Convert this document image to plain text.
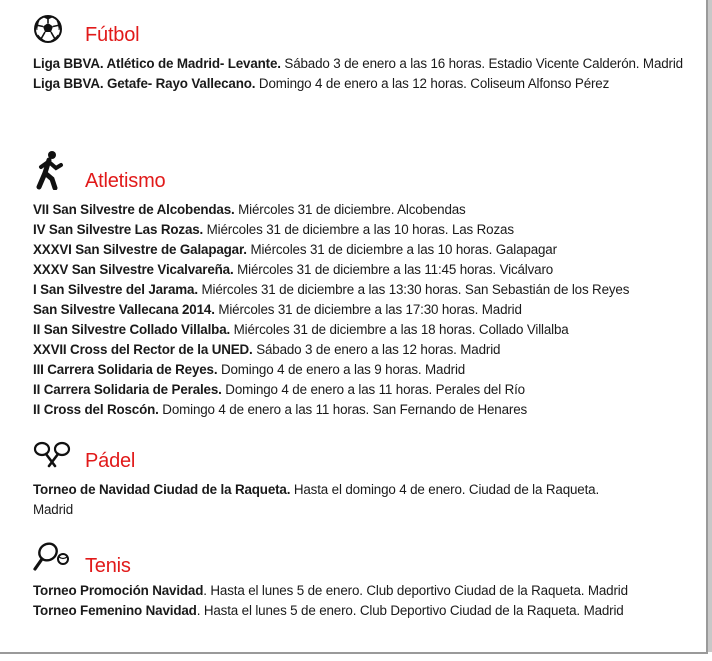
Fútbol

Liga BBVA. Atlético de Madrid- Levante. Sábado 3 de enero a las 16 horas. Estadio Vicente Calderón. Madrid

Liga BBVA. Getafe- Rayo Vallecano. Domingo 4 de enero a las 12 horas. Coliseum Alfonso Pérez

Atletismo

VII San Silvestre de Alcobendas. Miércoles 31 de diciembre. Alcobendas

IV San Silvestre Las Rozas. Miércoles 31 de diciembre a las 10 horas. Las Rozas

XXXVI San Silvestre de Galapagar. Miércoles 31 de diciembre a las 10 horas. Galapagar

XXXV San Silvestre Vicalvareña. Miércoles 31 de diciembre a las 11:45 horas. Vicálvaro

I San Silvestre del Jarama. Miércoles 31 de diciembre a las 13:30 horas. San Sebastián de los Reyes

San Silvestre Vallecana 2014. Miércoles 31 de diciembre a las 17:30 horas. Madrid

II San Silvestre Collado Villalba. Miércoles 31 de diciembre a las 18 horas. Collado Villalba

XXVII Cross del Rector de la UNED. Sábado 3 de enero a las 12 horas. Madrid

III Carrera Solidaria de Reyes. Domingo 4 de enero a las 9 horas. Madrid

II Carrera Solidaria de Perales. Domingo 4 de enero a las 11 horas. Perales del Río

II Cross del Roscón. Domingo 4 de enero a las 11 horas. San Fernando de Henares

Pádel

Torneo de Navidad Ciudad de la Raqueta. Hasta el domingo 4 de enero. Ciudad de la Raqueta. Madrid

Tenis

Torneo Promoción Navidad. Hasta el lunes 5 de enero. Club deportivo Ciudad de la Raqueta. Madrid

Torneo Femenino Navidad. Hasta el lunes 5 de enero. Club Deportivo Ciudad de la Raqueta. Madrid
